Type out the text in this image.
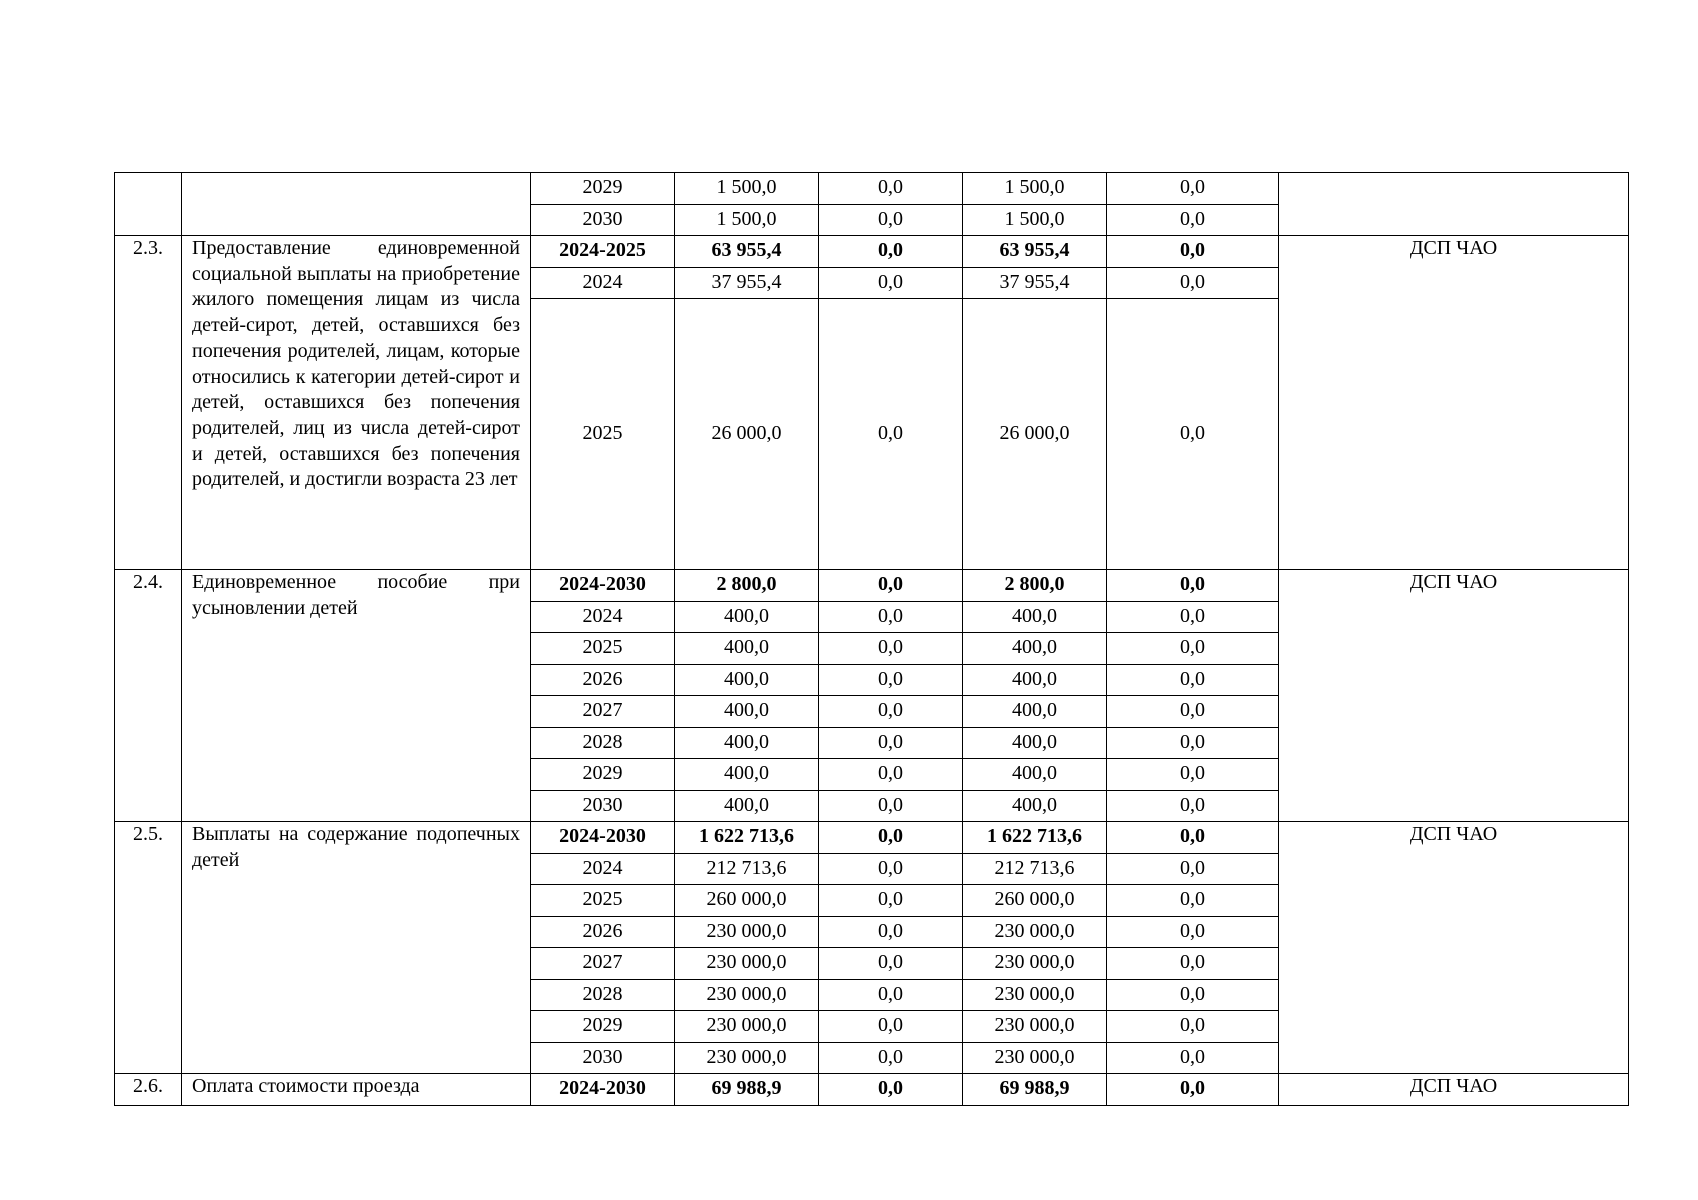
		2029	1 500,0	0,0	1 500,0	0,0	
		2030	1 500,0	0,0	1 500,0	0,0	
2.3.	Предоставление единовременной социальной выплаты на приобретение жилого помещения лицам из числа детей-сирот, детей, оставшихся без попечения родителей, лицам, которые относились к категории детей-сирот и детей, оставшихся без попечения родителей, лиц из числа детей-сирот и детей, оставшихся без попечения родителей, и достигли возраста 23 лет	2024-2025	63 955,4	0,0	63 955,4	0,0	ДСП ЧАО
		2024	37 955,4	0,0	37 955,4	0,0	
		2025	26 000,0	0,0	26 000,0	0,0	
2.4.	Единовременное пособие при усыновлении детей	2024-2030	2 800,0	0,0	2 800,0	0,0	ДСП ЧАО
		2024	400,0	0,0	400,0	0,0	
		2025	400,0	0,0	400,0	0,0	
		2026	400,0	0,0	400,0	0,0	
		2027	400,0	0,0	400,0	0,0	
		2028	400,0	0,0	400,0	0,0	
		2029	400,0	0,0	400,0	0,0	
		2030	400,0	0,0	400,0	0,0	
2.5.	Выплаты на содержание подопечных детей	2024-2030	1 622 713,6	0,0	1 622 713,6	0,0	ДСП ЧАО
		2024	212 713,6	0,0	212 713,6	0,0	
		2025	260 000,0	0,0	260 000,0	0,0	
		2026	230 000,0	0,0	230 000,0	0,0	
		2027	230 000,0	0,0	230 000,0	0,0	
		2028	230 000,0	0,0	230 000,0	0,0	
		2029	230 000,0	0,0	230 000,0	0,0	
		2030	230 000,0	0,0	230 000,0	0,0	
2.6.	Оплата стоимости проезда	2024-2030	69 988,9	0,0	69 988,9	0,0	ДСП ЧАО
